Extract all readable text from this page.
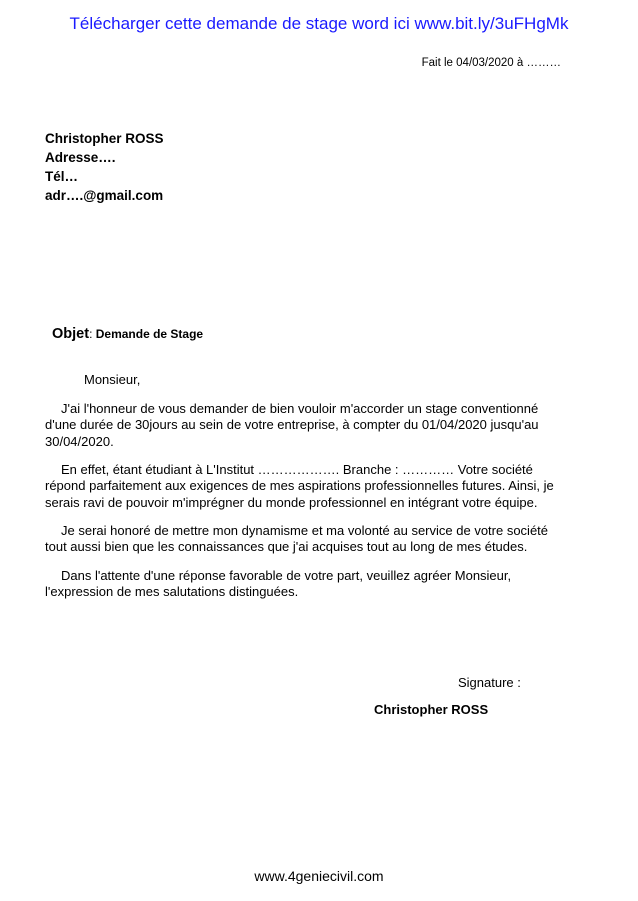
Télécharger cette demande de stage word ici www.bit.ly/3uFHgMk
Fait le 04/03/2020 à ………
Christopher ROSS
Adresse….
Tél…
adr….@gmail.com
Objet: Demande de Stage
Monsieur,
J'ai l'honneur de vous demander de bien vouloir m'accorder un stage conventionné d'une durée de 30jours au sein de votre entreprise, à compter du 01/04/2020 jusqu'au 30/04/2020.
En effet, étant étudiant à L'Institut ………………. Branche : ………… Votre société répond parfaitement aux exigences de mes aspirations professionnelles futures. Ainsi, je serais ravi de pouvoir m'imprégner du monde professionnel en intégrant votre équipe.
Je serai honoré de mettre mon dynamisme et ma volonté au service de votre société tout aussi bien que les connaissances que j'ai acquises tout au long de mes études.
Dans l'attente d'une réponse favorable de votre part, veuillez agréer Monsieur, l'expression de mes salutations distinguées.
Signature :
Christopher ROSS
www.4geniecivil.com
